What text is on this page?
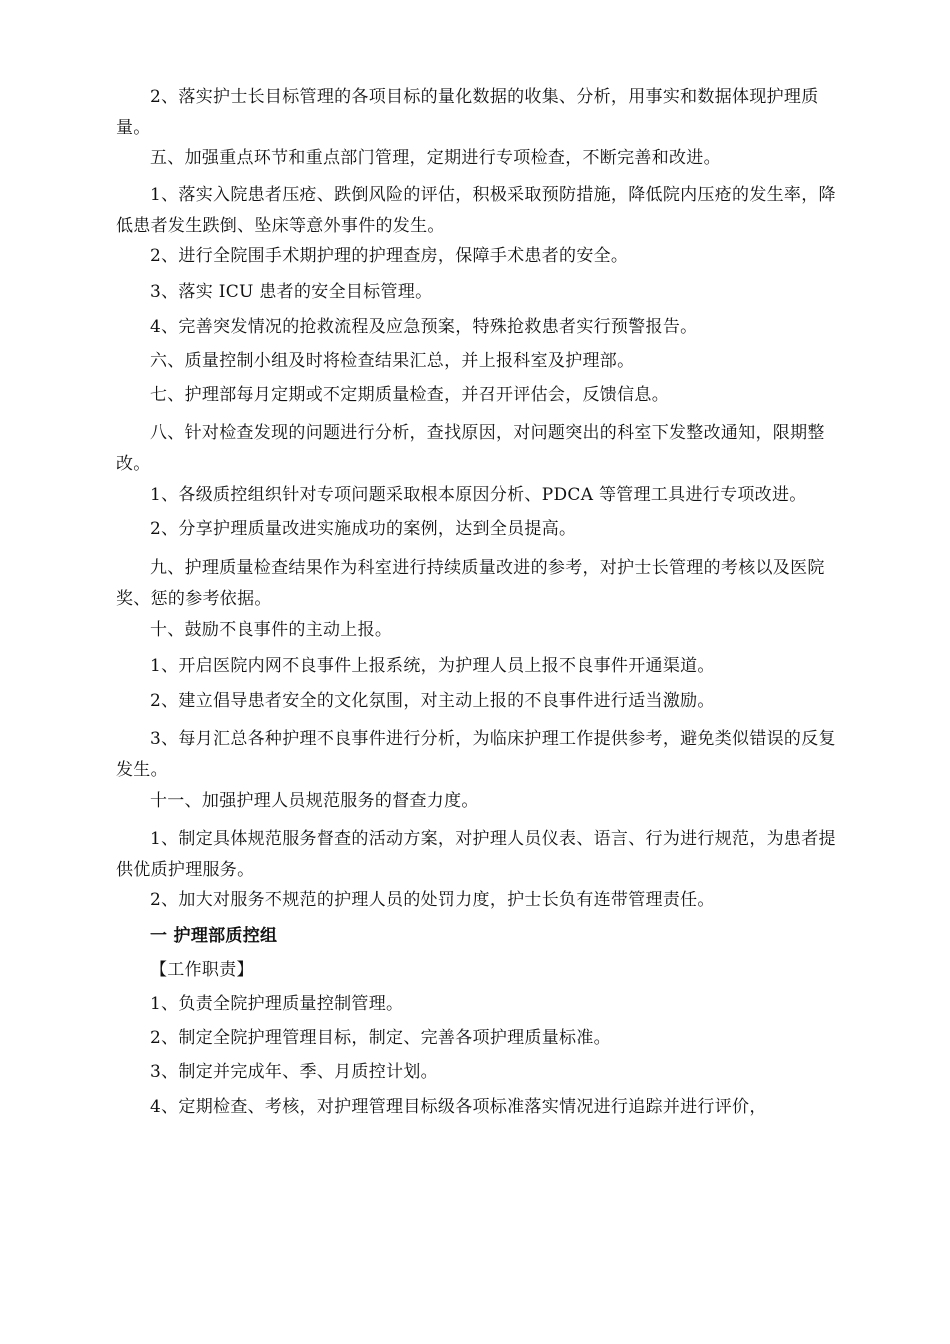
2、落实护士长目标管理的各项目标的量化数据的收集、分析，用事实和数据体现护理质量。

五、加强重点环节和重点部门管理，定期进行专项检查，不断完善和改进。

1、落实入院患者压疮、跌倒风险的评估，积极采取预防措施，降低院内压疮的发生率，降低患者发生跌倒、坠床等意外事件的发生。

2、进行全院围手术期护理的护理查房，保障手术患者的安全。

3、落实 ICU 患者的安全目标管理。

4、完善突发情况的抢救流程及应急预案，特殊抢救患者实行预警报告。

六、质量控制小组及时将检查结果汇总，并上报科室及护理部。

七、护理部每月定期或不定期质量检查，并召开评估会，反馈信息。

八、针对检查发现的问题进行分析，查找原因，对问题突出的科室下发整改通知，限期整改。

1、各级质控组织针对专项问题采取根本原因分析、PDCA 等管理工具进行专项改进。

2、分享护理质量改进实施成功的案例，达到全员提高。

九、护理质量检查结果作为科室进行持续质量改进的参考，对护士长管理的考核以及医院奖、惩的参考依据。

十、鼓励不良事件的主动上报。

1、开启医院内网不良事件上报系统，为护理人员上报不良事件开通渠道。

2、建立倡导患者安全的文化氛围，对主动上报的不良事件进行适当激励。

3、每月汇总各种护理不良事件进行分析，为临床护理工作提供参考，避免类似错误的反复发生。

十一、加强护理人员规范服务的督查力度。

1、制定具体规范服务督查的活动方案，对护理人员仪表、语言、行为进行规范，为患者提供优质护理服务。

2、加大对服务不规范的护理人员的处罚力度，护士长负有连带管理责任。

一 护理部质控组

【工作职责】

1、负责全院护理质量控制管理。

2、制定全院护理管理目标，制定、完善各项护理质量标准。

3、制定并完成年、季、月质控计划。

4、定期检查、考核，对护理管理目标级各项标准落实情况进行追踪并进行评价，
